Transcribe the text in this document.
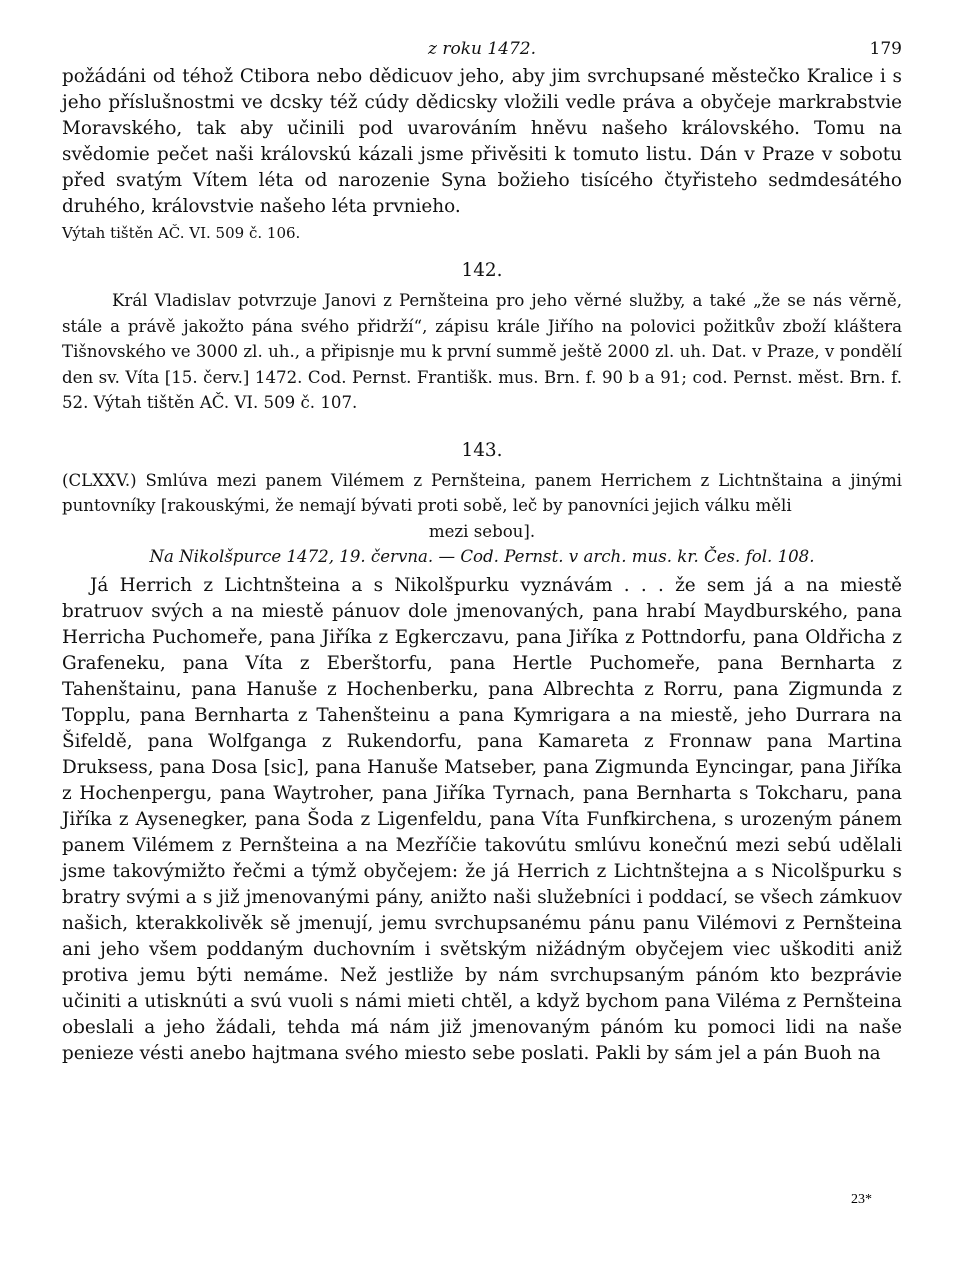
z roku 1472.	179

požádáni od téhož Ctibora nebo dědicuov jeho, aby jim svrchupsané městečko Kralice i s jeho příslušnostmi ve dcsky též cúdy dědicsky vložili vedle práva a obyčeje markrabstvie Moravského, tak aby učinili pod uvarováním hněvu našeho královského. Tomu na svědomie pečet naši královskú kázali jsme přivěsiti k tomuto listu. Dán v Praze v sobotu před svatým Vítem léta od narozenie Syna božieho tisícého čtyřisteho sedmdesátého druhého, královstvie našeho léta prvnieho.

Výtah tištěn AČ. VI. 509 č. 106.

142.

Král Vladislav potvrzuje Janovi z Pernšteina pro jeho věrné služby, a také „že se nás věrně, stále a právě jakožto pána svého přidrží“, zápisu krále Jiřího na polovici požitkův zboží kláštera Tišnovského ve 3000 zl. uh., a připisnje mu k první summě ještě 2000 zl. uh. Dat. v Praze, v pondělí den sv. Víta [15. červ.] 1472. Cod. Pernst. Františk. mus. Brn. f. 90 b a 91; cod. Pernst. měst. Brn. f. 52. Výtah tištěn AČ. VI. 509 č. 107.

143.

(CLXXV.) Smlúva mezi panem Vilémem z Pernšteina, panem Herrichem z Lichtnštaina a jinými puntovníky [rakouskými, že nemají bývati proti sobě, leč by panovníci jejich válku měli

mezi sebou].
Na Nikolšpurce 1472, 19. června. — Cod. Pernst. v arch. mus. kr. Čes. fol. 108.

Já Herrich z Lichtnšteina a s Nikolšpurku vyznávám . . . že sem já a na miestě bratruov svých a na miestě pánuov dole jmenovaných, pana hrabí Maydburského, pana Herricha Puchomeře, pana Jiříka z Egkerczavu, pana Jiříka z Pottndorfu, pana Oldřicha z Grafeneku, pana Víta z Eberštorfu, pana Hertle Puchomeře, pana Bernharta z Tahenštainu, pana Hanuše z Hochenberku, pana Albrechta z Rorru, pana Zigmunda z Topplu, pana Bernharta z Tahenšteinu a pana Kymrigara a na miestě, jeho Durrara na Šifeldě, pana Wolfganga z Rukendorfu, pana Kamareta z Fronnaw pana Martina Druksess, pana Dosa [sic], pana Hanuše Matseber, pana Zigmunda Eyncingar, pana Jiříka z Hochenpergu, pana Waytroher, pana Jiříka Tyrnach, pana Bernharta s Tokcharu, pana Jiříka z Aysenegker, pana Šoda z Ligenfeldu, pana Víta Funfkirchena, s urozeným pánem panem Vilémem z Pernšteina a na Mezříčie takovútu smlúvu konečnú mezi sebú udělali jsme takovýmižto řečmi a týmž obyčejem: že já Herrich z Lichtnštejna a s Nicolšpurku s bratry svými a s již jmenovanými pány, anižto naši služebníci i poddací, se všech zámkuov našich, kterakkolivěk sě jmenují, jemu svrchupsanému pánu panu Vilémovi z Pernšteina ani jeho všem poddaným duchovním i světským nižádným obyčejem viec uškoditi aniž protiva jemu býti nemáme. Než jestliže by nám svrchupsaným pánóm kto bezprávie učiniti a utisknúti a svú vuoli s námi mieti chtěl, a když bychom pana Viléma z Pernšteina obeslali a jeho žádali, tehda má nám již jmenovaným pánóm ku pomoci lidi na naše penieze vésti anebo hajtmana svého miesto sebe poslati. Pakli by sám jel a pán Buoh na

23*
